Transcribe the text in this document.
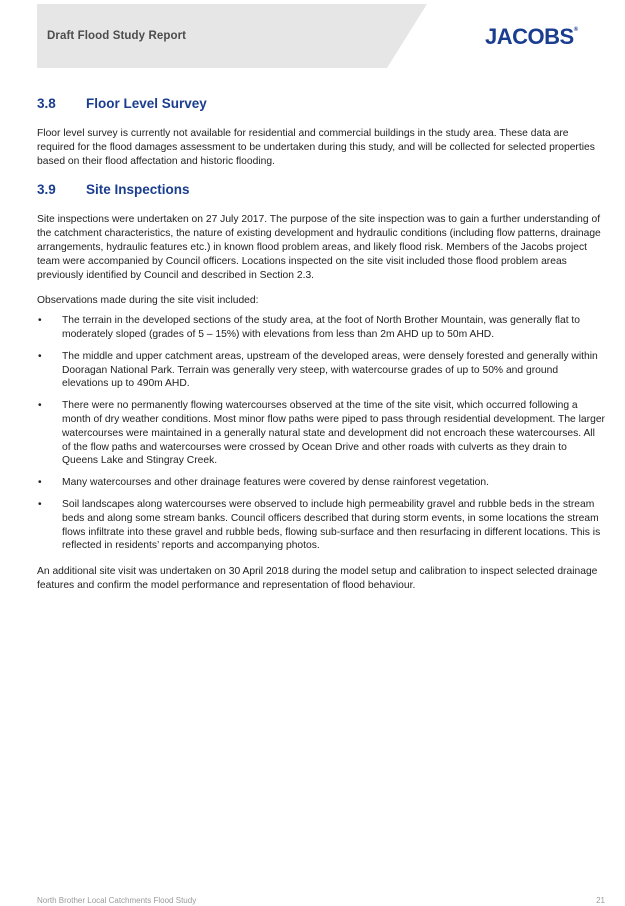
Draft Flood Study Report	JACOBS®
3.8	Floor Level Survey

Floor level survey is currently not available for residential and commercial buildings in the study area. These data are required for the flood damages assessment to be undertaken during this study, and will be collected for selected properties based on their flood affectation and historic flooding.

3.9	Site Inspections

Site inspections were undertaken on 27 July 2017. The purpose of the site inspection was to gain a further understanding of the catchment characteristics, the nature of existing development and hydraulic conditions (including flow patterns, drainage arrangements, hydraulic features etc.) in known flood problem areas, and likely flood risk. Members of the Jacobs project team were accompanied by Council officers. Locations inspected on the site visit included those flood problem areas previously identified by Council and described in Section 2.3.

Observations made during the site visit included:

•	The terrain in the developed sections of the study area, at the foot of North Brother Mountain, was generally flat to moderately sloped (grades of 5 – 15%) with elevations from less than 2m AHD up to 50m AHD.
•	The middle and upper catchment areas, upstream of the developed areas, were densely forested and generally within Dooragan National Park. Terrain was generally very steep, with watercourse grades of up to 50% and ground elevations up to 490m AHD.
•	There were no permanently flowing watercourses observed at the time of the site visit, which occurred following a month of dry weather conditions. Most minor flow paths were piped to pass through residential development. The larger watercourses were maintained in a generally natural state and development did not encroach these watercourses. All of the flow paths and watercourses were crossed by Ocean Drive and other roads with culverts as they drain to Queens Lake and Stingray Creek.
•	Many watercourses and other drainage features were covered by dense rainforest vegetation.
•	Soil landscapes along watercourses were observed to include high permeability gravel and rubble beds in the stream beds and along some stream banks. Council officers described that during storm events, in some locations the stream flows infiltrate into these gravel and rubble beds, flowing sub-surface and then resurfacing in different locations. This is reflected in residents’ reports and accompanying photos.

An additional site visit was undertaken on 30 April 2018 during the model setup and calibration to inspect selected drainage features and confirm the model performance and representation of flood behaviour.

North Brother Local Catchments Flood Study	21
